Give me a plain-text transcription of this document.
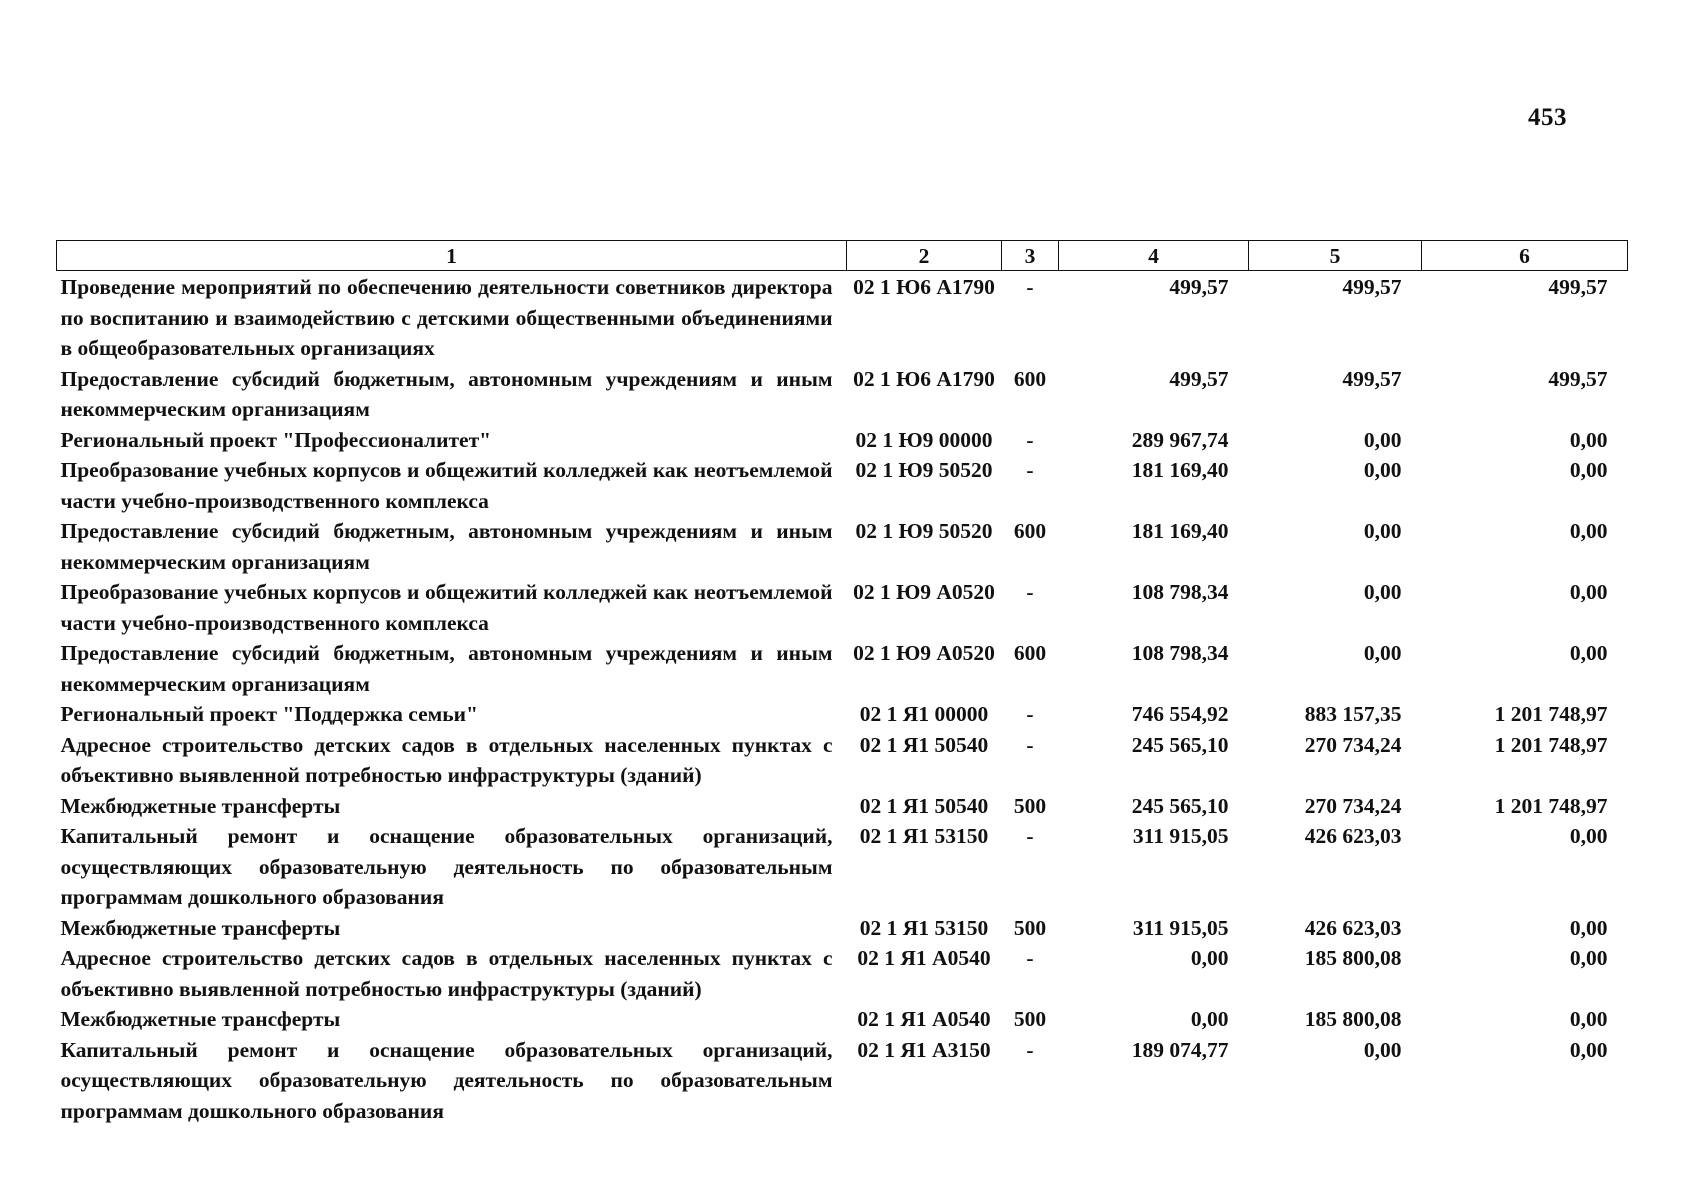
453
1	2	3	4	5	6
Проведение мероприятий по обеспечению деятельности советников директора по воспитанию и взаимодействию с детскими общественными объединениями в общеобразовательных организациях	02 1 Ю6 А1790	-	499,57	499,57	499,57
Предоставление субсидий бюджетным, автономным учреждениям и иным некоммерческим организациям	02 1 Ю6 А1790	600	499,57	499,57	499,57
Региональный проект "Профессионалитет"	02 1 Ю9 00000	-	289 967,74	0,00	0,00
Преобразование учебных корпусов и общежитий колледжей как неотъемлемой части учебно-производственного комплекса	02 1 Ю9 50520	-	181 169,40	0,00	0,00
Предоставление субсидий бюджетным, автономным учреждениям и иным некоммерческим организациям	02 1 Ю9 50520	600	181 169,40	0,00	0,00
Преобразование учебных корпусов и общежитий колледжей как неотъемлемой части учебно-производственного комплекса	02 1 Ю9 А0520	-	108 798,34	0,00	0,00
Предоставление субсидий бюджетным, автономным учреждениям и иным некоммерческим организациям	02 1 Ю9 А0520	600	108 798,34	0,00	0,00
Региональный проект "Поддержка семьи"	02 1 Я1 00000	-	746 554,92	883 157,35	1 201 748,97
Адресное строительство детских садов в отдельных населенных пунктах с объективно выявленной потребностью инфраструктуры (зданий)	02 1 Я1 50540	-	245 565,10	270 734,24	1 201 748,97
Межбюджетные трансферты	02 1 Я1 50540	500	245 565,10	270 734,24	1 201 748,97
Капитальный ремонт и оснащение образовательных организаций, осуществляющих образовательную деятельность по образовательным программам дошкольного образования	02 1 Я1 53150	-	311 915,05	426 623,03	0,00
Межбюджетные трансферты	02 1 Я1 53150	500	311 915,05	426 623,03	0,00
Адресное строительство детских садов в отдельных населенных пунктах с объективно выявленной потребностью инфраструктуры (зданий)	02 1 Я1 А0540	-	0,00	185 800,08	0,00
Межбюджетные трансферты	02 1 Я1 А0540	500	0,00	185 800,08	0,00
Капитальный ремонт и оснащение образовательных организаций, осуществляющих образовательную деятельность по образовательным программам дошкольного образования	02 1 Я1 А3150	-	189 074,77	0,00	0,00
